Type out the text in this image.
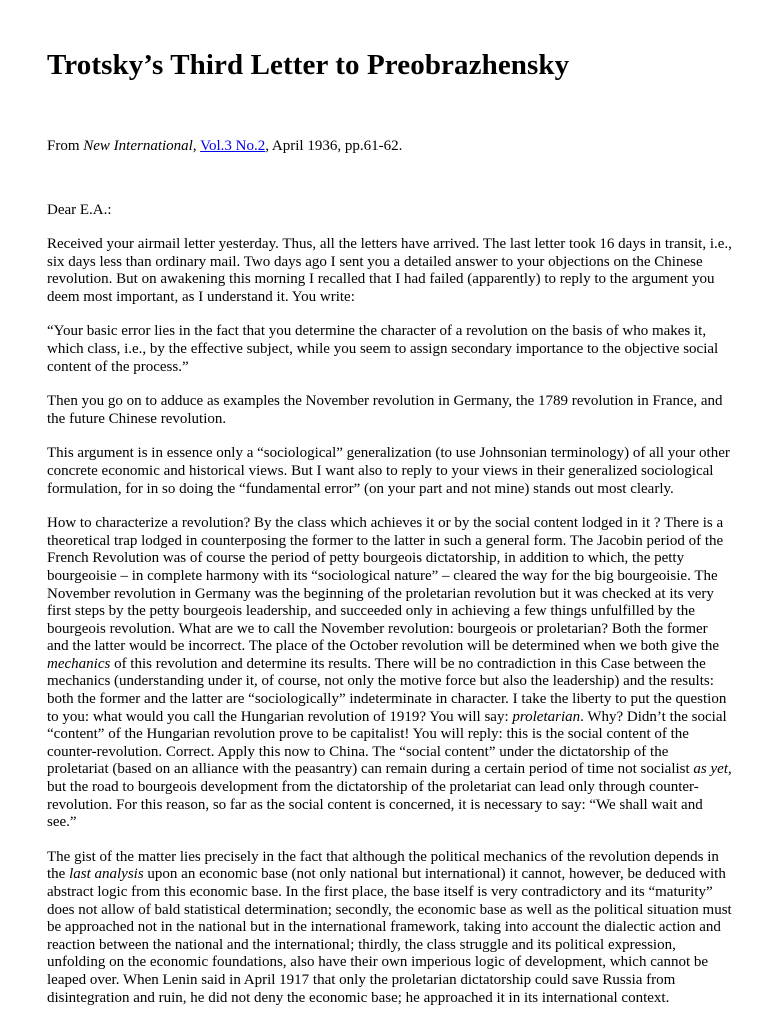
Trotsky’s Third Letter to Preobrazhensky

From New International, Vol.3 No.2, April 1936, pp.61-62.

Dear E.A.:

Received your airmail letter yesterday. Thus, all the letters have arrived. The last letter took 16 days in transit, i.e., six days less than ordinary mail. Two days ago I sent you a detailed answer to your objections on the Chinese revolution. But on awakening this morning I recalled that I had failed (apparently) to reply to the argument you deem most important, as I understand it. You write:

“Your basic error lies in the fact that you determine the character of a revolution on the basis of who makes it, which class, i.e., by the effective subject, while you seem to assign secondary importance to the objective social content of the process.”

Then you go on to adduce as examples the November revolution in Germany, the 1789 revolution in France, and the future Chinese revolution.

This argument is in essence only a “sociological” generalization (to use Johnsonian terminology) of all your other concrete economic and historical views. But I want also to reply to your views in their generalized sociological formulation, for in so doing the “fundamental error” (on your part and not mine) stands out most clearly.

How to characterize a revolution? By the class which achieves it or by the social content lodged in it ? There is a theoretical trap lodged in counterposing the former to the latter in such a general form. The Jacobin period of the French Revolution was of course the period of petty bourgeois dictatorship, in addition to which, the petty bourgeoisie – in complete harmony with its “sociological nature” – cleared the way for the big bourgeoisie. The November revolution in Germany was the beginning of the proletarian revolution but it was checked at its very first steps by the petty bourgeois leadership, and succeeded only in achieving a few things unfulfilled by the bourgeois revolution. What are we to call the November revolution: bourgeois or proletarian? Both the former and the latter would be incorrect. The place of the October revolution will be determined when we both give the mechanics of this revolution and determine its results. There will be no contradiction in this Case between the mechanics (understanding under it, of course, not only the motive force but also the leadership) and the results: both the former and the latter are “sociologically” indeterminate in character. I take the liberty to put the question to you: what would you call the Hungarian revolution of 1919? You will say: proletarian. Why? Didn’t the social “content” of the Hungarian revolution prove to be capitalist! You will reply: this is the social content of the counter-revolution. Correct. Apply this now to China. The “social content” under the dictatorship of the proletariat (based on an alliance with the peasantry) can remain during a certain period of time not socialist as yet, but the road to bourgeois development from the dictatorship of the proletariat can lead only through counter-revolution. For this reason, so far as the social content is concerned, it is necessary to say: “We shall wait and see.”

The gist of the matter lies precisely in the fact that although the political mechanics of the revolution depends in the last analysis upon an economic base (not only national but international) it cannot, however, be deduced with abstract logic from this economic base. In the first place, the base itself is very contradictory and its “maturity” does not allow of bald statistical determination; secondly, the economic base as well as the political situation must be approached not in the national but in the international framework, taking into account the dialectic action and reaction between the national and the international; thirdly, the class struggle and its political expression, unfolding on the economic foundations, also have their own imperious logic of development, which cannot be leaped over. When Lenin said in April 1917 that only the proletarian dictatorship could save Russia from disintegration and ruin, he did not deny the economic base; he approached it in its international context.
